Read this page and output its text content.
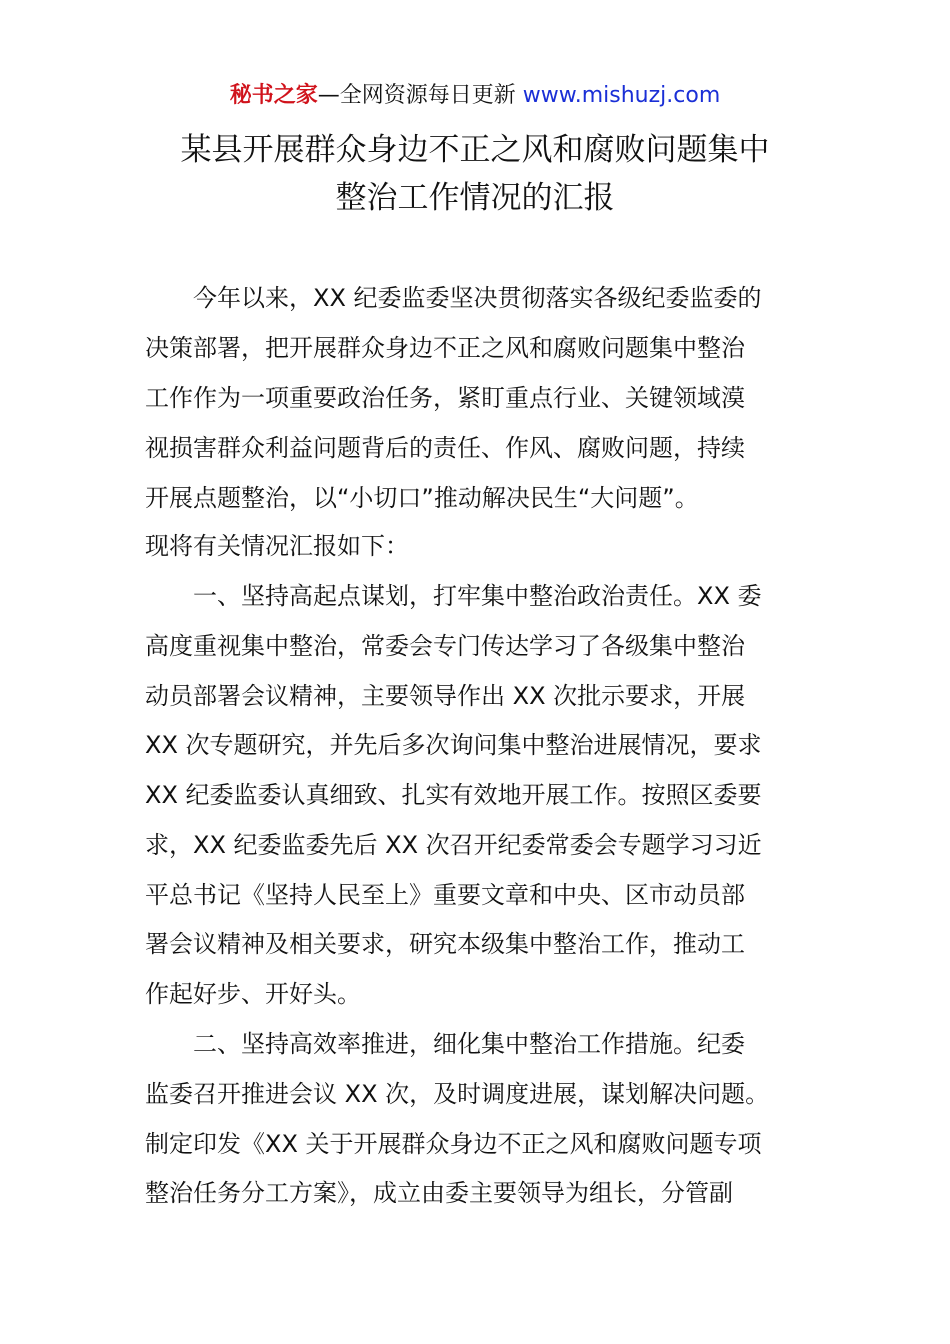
秘书之家—全网资源每日更新 www.mishuzj.com
某县开展群众身边不正之风和腐败问题集中
整治工作情况的汇报
今年以来，XX 纪委监委坚决贯彻落实各级纪委监委的
决策部署，把开展群众身边不正之风和腐败问题集中整治
工作作为一项重要政治任务，紧盯重点行业、关键领域漠
视损害群众利益问题背后的责任、作风、腐败问题，持续
开展点题整治，以“小切口”推动解决民生“大问题”。
现将有关情况汇报如下：
一、坚持高起点谋划，打牢集中整治政治责任。XX 委
高度重视集中整治，常委会专门传达学习了各级集中整治
动员部署会议精神，主要领导作出 XX 次批示要求，开展
XX 次专题研究，并先后多次询问集中整治进展情况，要求
XX 纪委监委认真细致、扎实有效地开展工作。按照区委要
求，XX 纪委监委先后 XX 次召开纪委常委会专题学习习近
平总书记《坚持人民至上》重要文章和中央、区市动员部
署会议精神及相关要求，研究本级集中整治工作，推动工
作起好步、开好头。
二、坚持高效率推进，细化集中整治工作措施。纪委
监委召开推进会议 XX 次，及时调度进展，谋划解决问题。
制定印发《XX 关于开展群众身边不正之风和腐败问题专项
整治任务分工方案》，成立由委主要领导为组长，分管副
